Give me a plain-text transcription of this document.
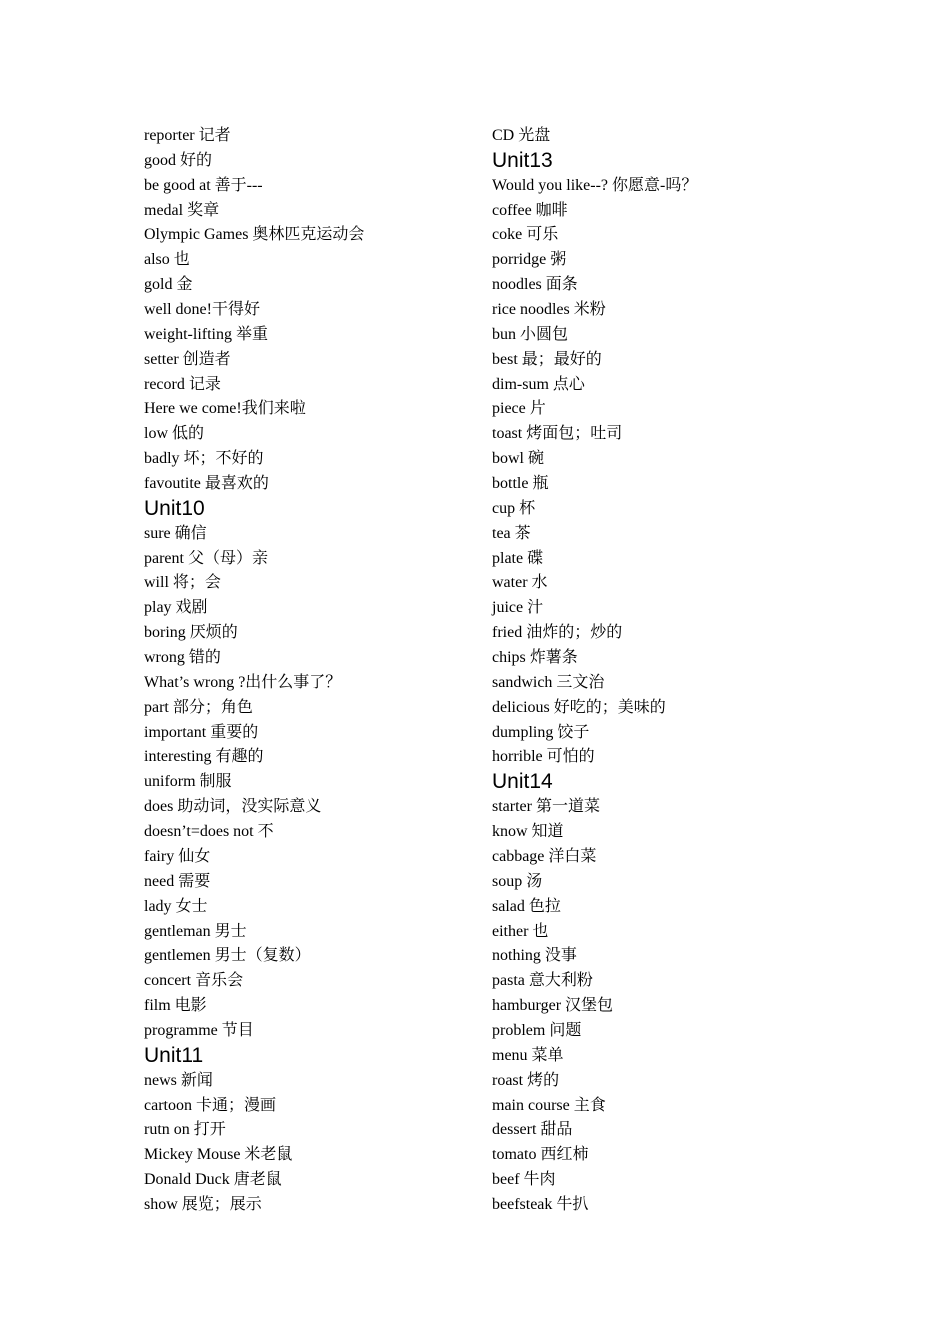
reporter 记者
good 好的
be good at 善于---
medal 奖章
Olympic Games 奥林匹克运动会
also 也
gold 金
well done!干得好
weight-lifting 举重
setter 创造者
record 记录
Here we come!我们来啦
low 低的
badly 坏；不好的
favoutite 最喜欢的
Unit10
sure 确信
parent 父（母）亲
will 将；会
play 戏剧
boring 厌烦的
wrong 错的
What’s wrong ?出什么事了？
part 部分；角色
important 重要的
interesting 有趣的
uniform 制服
does 助动词，没实际意义
doesn’t=does not 不
fairy 仙女
need 需要
lady 女士
gentleman 男士
gentlemen 男士（复数）
concert 音乐会
film 电影
programme 节目
Unit11
news 新闻
cartoon 卡通；漫画
rutn on 打开
Mickey Mouse 米老鼠
Donald Duck 唐老鼠
show 展览；展示
CD 光盘
Unit13
Would you like--? 你愿意-吗？
coffee 咖啡
coke 可乐
porridge 粥
noodles 面条
rice noodles 米粉
bun 小圆包
best 最；最好的
dim-sum 点心
piece 片
toast 烤面包；吐司
bowl 碗
bottle 瓶
cup 杯
tea 茶
plate 碟
water 水
juice 汁
fried 油炸的；炒的
chips 炸薯条
sandwich 三文治
delicious 好吃的；美味的
dumpling 饺子
horrible 可怕的
Unit14
starter 第一道菜
know 知道
cabbage 洋白菜
soup 汤
salad 色拉
either 也
nothing 没事
pasta 意大利粉
hamburger 汉堡包
problem 问题
menu 菜单
roast 烤的
main course 主食
dessert 甜品
tomato 西红柿
beef 牛肉
beefsteak 牛扒
